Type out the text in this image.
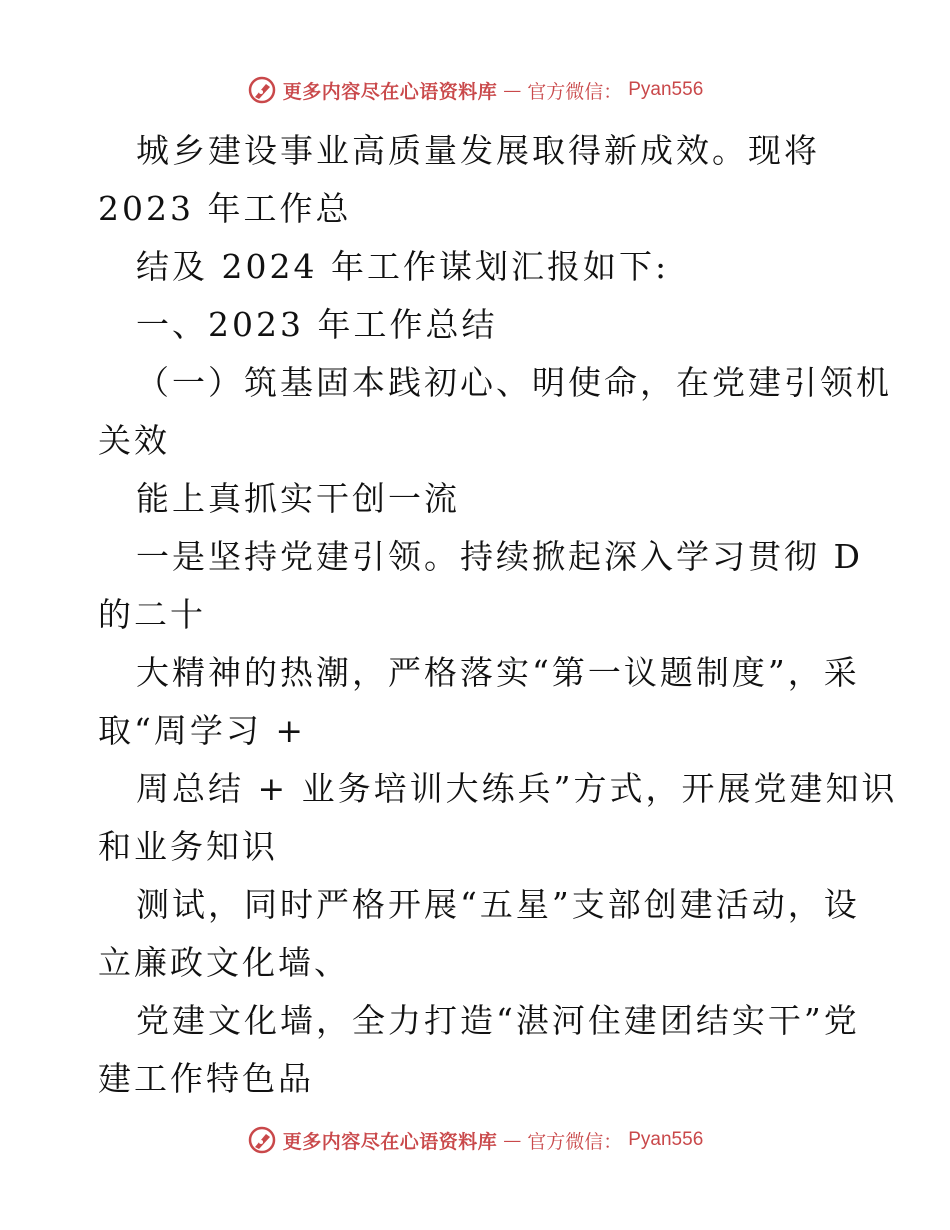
更多内容尽在心语资料库 — 官方微信： Pyan556
城乡建设事业高质量发展取得新成效。现将
2023 年工作总
结及 2024 年工作谋划汇报如下:
一、2023 年工作总结
（一）筑基固本践初心、明使命，在党建引领机
关效
能上真抓实干创一流
一是坚持党建引领。持续掀起深入学习贯彻 D
的二十
大精神的热潮，严格落实“第一议题制度”，采
取“周学习 +
周总结 + 业务培训大练兵”方式，开展党建知识
和业务知识
测试，同时严格开展“五星”支部创建活动，设
立廉政文化墙、
党建文化墙，全力打造“湛河住建团结实干”党
建工作特色品
更多内容尽在心语资料库 — 官方微信： Pyan556
